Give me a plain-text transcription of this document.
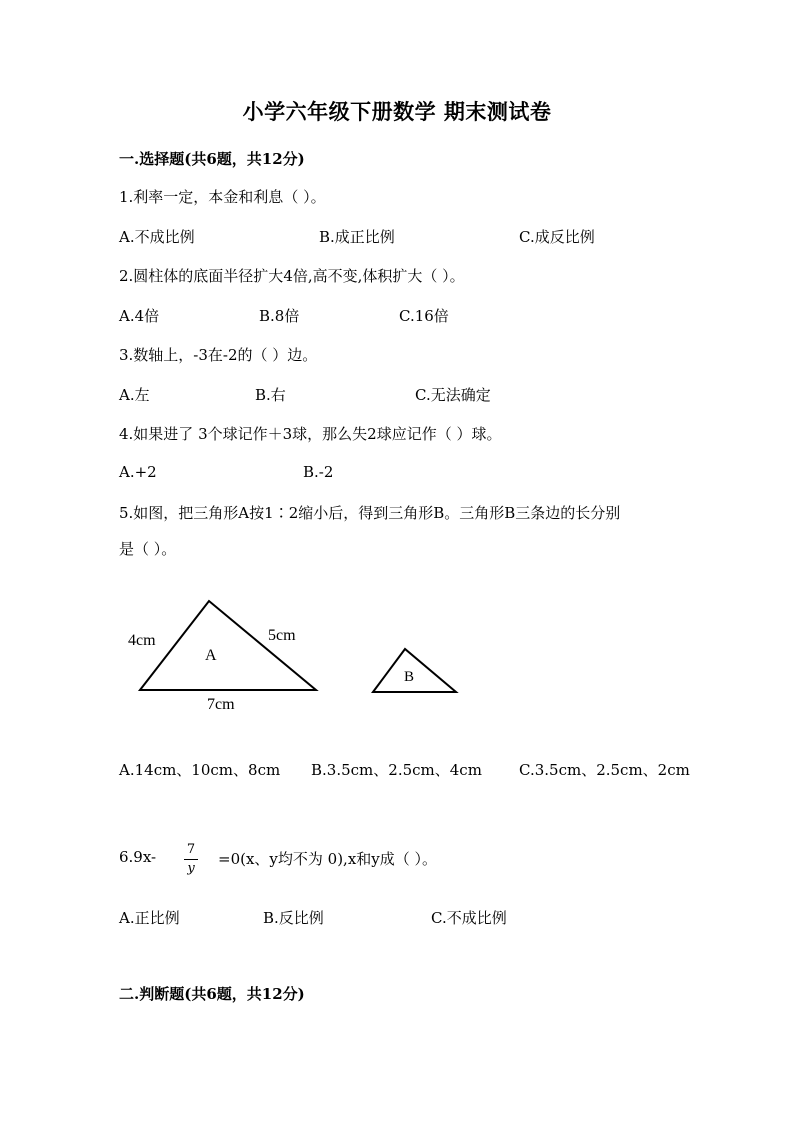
小学六年级下册数学 期末测试卷
一.选择题(共6题，共12分)
1.利率一定，本金和利息（ ）。
A.不成比例	B.成正比例	C.成反比例
2.圆柱体的底面半径扩大4倍,高不变,体积扩大（ ）。
A.4倍	B.8倍	C.16倍
3.数轴上，-3在-2的（ ）边。
A.左	B.右	C.无法确定
4.如果进了 3个球记作＋3球，那么失2球应记作（ ）球。
A.+2	B.-2
5.如图，把三角形A按1∶2缩小后，得到三角形B。三角形B三条边的长分别
是（ ）。
4cm	5cm
A
7cm
B
A.14cm、10cm、8cm B.3.5cm、2.5cm、4cm C.3.5cm、2.5cm、2cm
6.9x- 7
y
=0(x、y均不为 0),x和y成（ ）。
A.正比例	B.反比例	C.不成比例
二.判断题(共6题，共12分)
